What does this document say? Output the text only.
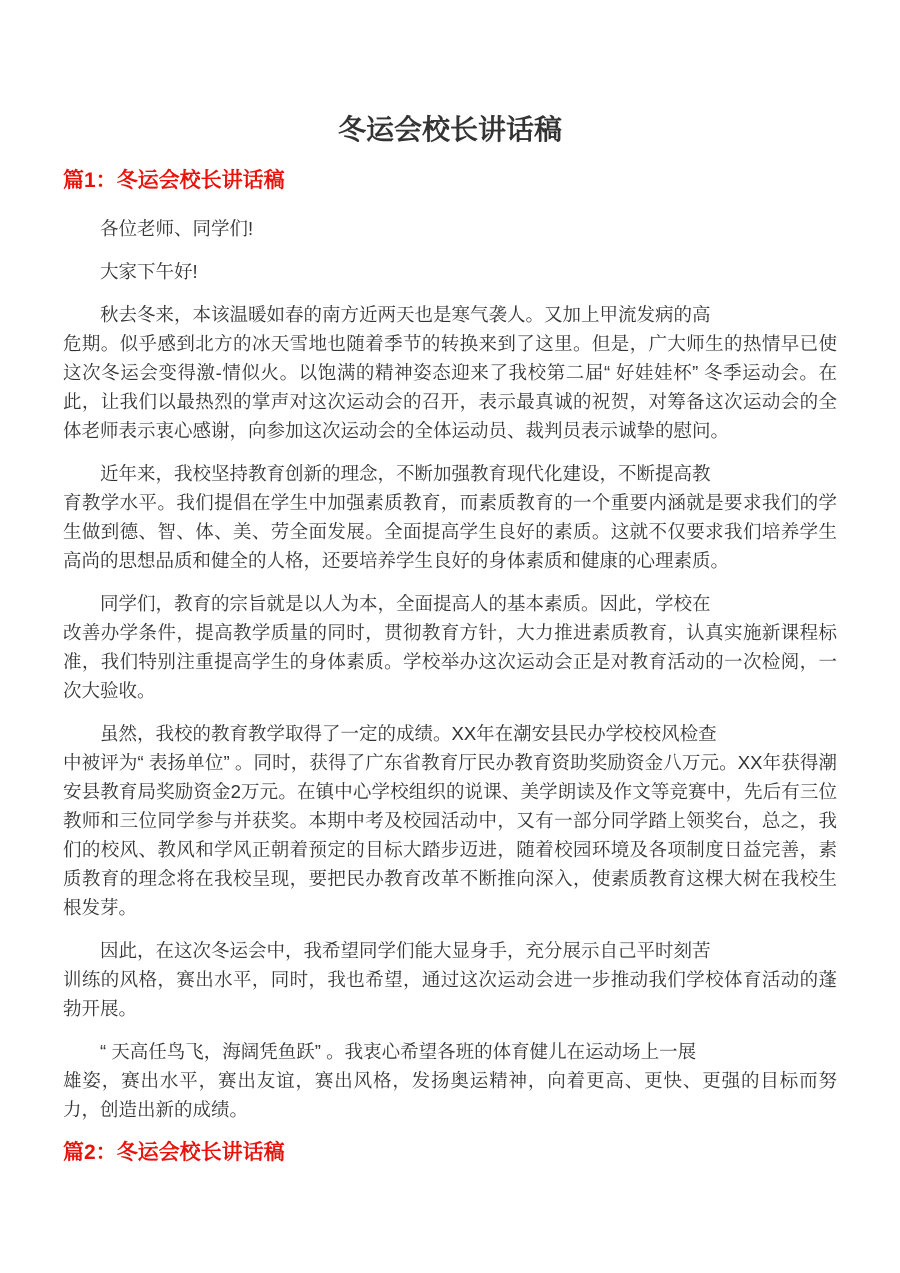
冬运会校长讲话稿
篇1：冬运会校长讲话稿

各位老师、同学们!

大家下午好!

秋去冬来，本该温暖如春的南方近两天也是寒气袭人。又加上甲流发病的高
危期。似乎感到北方的冰天雪地也随着季节的转换来到了这里。但是，广大师生的热情早已使这次冬运会变得激-情似火。以饱满的精神姿态迎来了我校第二届“ 好娃娃杯” 冬季运动会。在此，让我们以最热烈的掌声对这次运动会的召开，表示最真诚的祝贺，对筹备这次运动会的全体老师表示衷心感谢，向参加这次运动会的全体运动员、裁判员表示诚挚的慰问。

近年来，我校坚持教育创新的理念，不断加强教育现代化建设，不断提高教
育教学水平。我们提倡在学生中加强素质教育，而素质教育的一个重要内涵就是要求我们的学生做到德、智、体、美、劳全面发展。全面提高学生良好的素质。这就不仅要求我们培养学生高尚的思想品质和健全的人格，还要培养学生良好的身体素质和健康的心理素质。

同学们，教育的宗旨就是以人为本，全面提高人的基本素质。因此，学校在
改善办学条件，提高教学质量的同时，贯彻教育方针，大力推进素质教育，认真实施新课程标准，我们特别注重提高学生的身体素质。学校举办这次运动会正是对教育活动的一次检阅，一次大验收。

虽然，我校的教育教学取得了一定的成绩。XX年在潮安县民办学校校风检查
中被评为“ 表扬单位” 。同时，获得了广东省教育厅民办教育资助奖励资金八万元。XX年获得潮安县教育局奖励资金2万元。在镇中心学校组织的说课、美学朗读及作文等竞赛中，先后有三位教师和三位同学参与并获奖。本期中考及校园活动中，又有一部分同学踏上领奖台，总之，我们的校风、教风和学风正朝着预定的目标大踏步迈进，随着校园环境及各项制度日益完善，素质教育的理念将在我校呈现，要把民办教育改革不断推向深入，使素质教育这棵大树在我校生根发芽。

因此，在这次冬运会中，我希望同学们能大显身手，充分展示自己平时刻苦
训练的风格，赛出水平，同时，我也希望，通过这次运动会进一步推动我们学校体育活动的蓬勃开展。

“ 天高任鸟飞，海阔凭鱼跃” 。我衷心希望各班的体育健儿在运动场上一展
雄姿，赛出水平，赛出友谊，赛出风格，发扬奥运精神，向着更高、更快、更强的目标而努力，创造出新的成绩。

篇2：冬运会校长讲话稿
